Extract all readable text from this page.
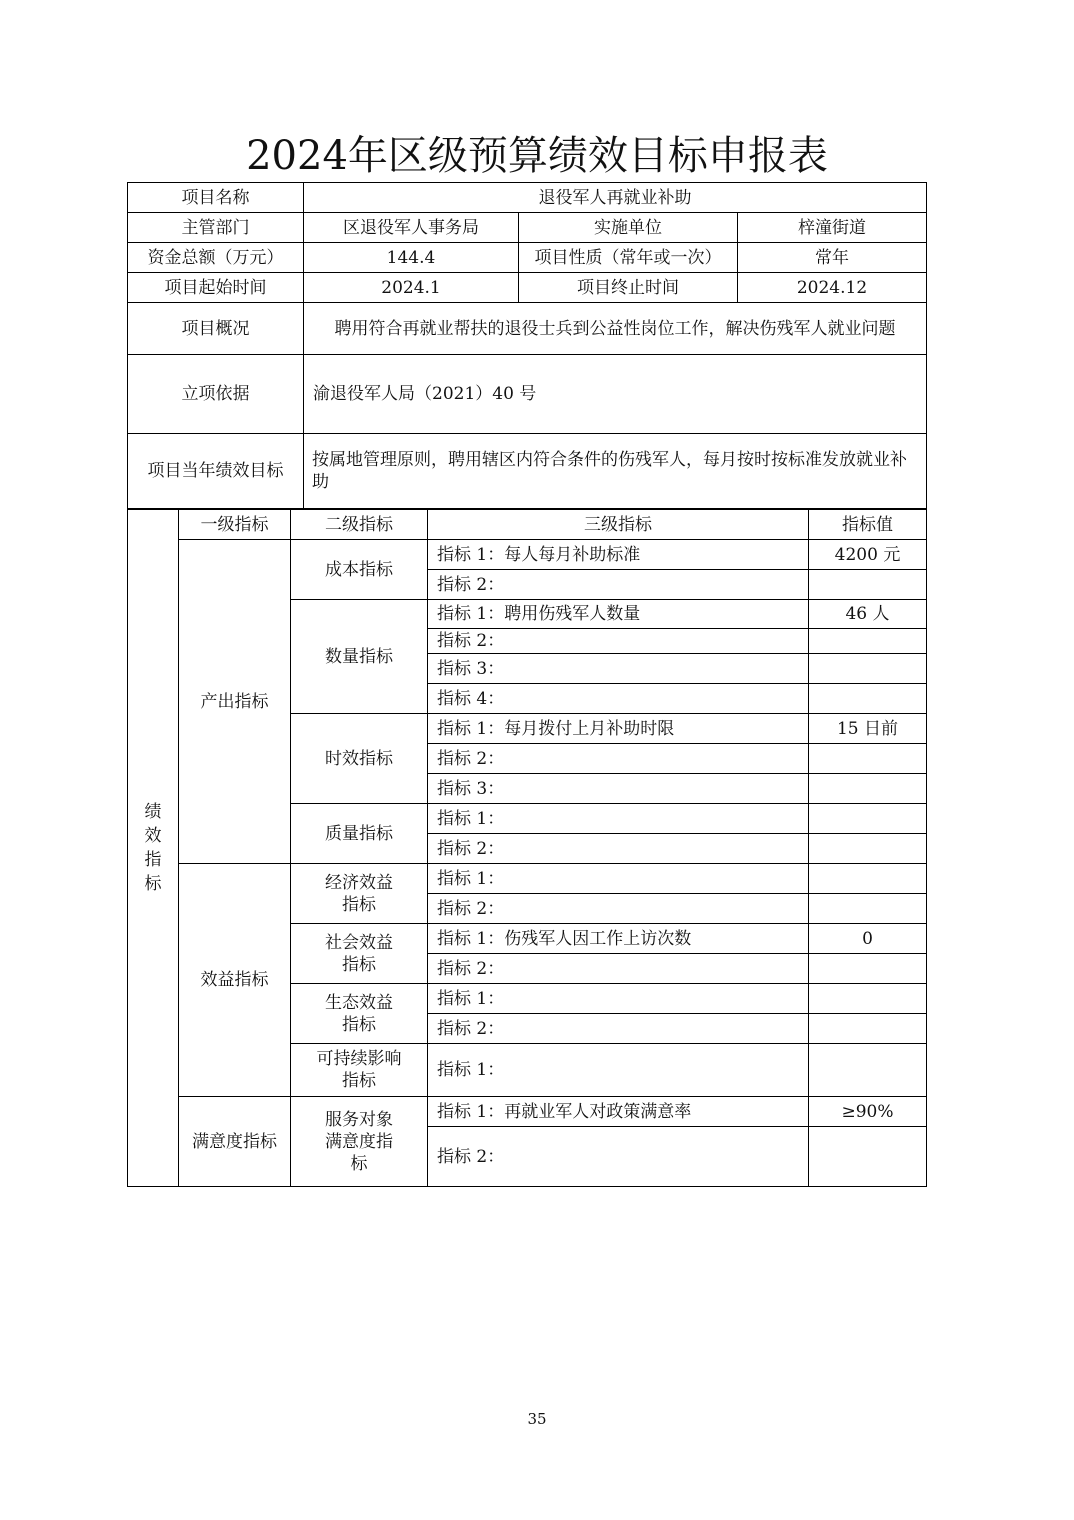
2024年区级预算绩效目标申报表
项目名称	退役军人再就业补助		
主管部门	区退役军人事务局	实施单位	梓潼街道
资金总额（万元）	144.4	项目性质（常年或一次）	常年
项目起始时间	2024.1	项目终止时间	2024.12
项目概况	聘用符合再就业帮扶的退役士兵到公益性岗位工作，解决伤残军人就业问题		
立项依据	渝退役军人局（2021）40 号		
项目当年绩效目标	按属地管理原则，聘用辖区内符合条件的伤残军人，每月按时按标准发放就业补助		
绩效指标	一级指标	二级指标	三级指标	指标值
	产出指标	成本指标	指标 1：每人每月补助标准	4200 元
			指标 2：	
		数量指标	指标 1：聘用伤残军人数量	46 人
			指标 2：	
			指标 3：	
			指标 4：	
		时效指标	指标 1：每月拨付上月补助时限	15 日前
			指标 2：	
			指标 3：	
		质量指标	指标 1：	
			指标 2：	
	效益指标	经济效益指标	指标 1：	
			指标 2：	
		社会效益指标	指标 1：伤残军人因工作上访次数	0
			指标 2：	
		生态效益指标	指标 1：	
			指标 2：	
		可持续影响指标	指标 1：	
	满意度指标	服务对象满意度指标	指标 1：再就业军人对政策满意率	≥90%
			指标 2：	
35
